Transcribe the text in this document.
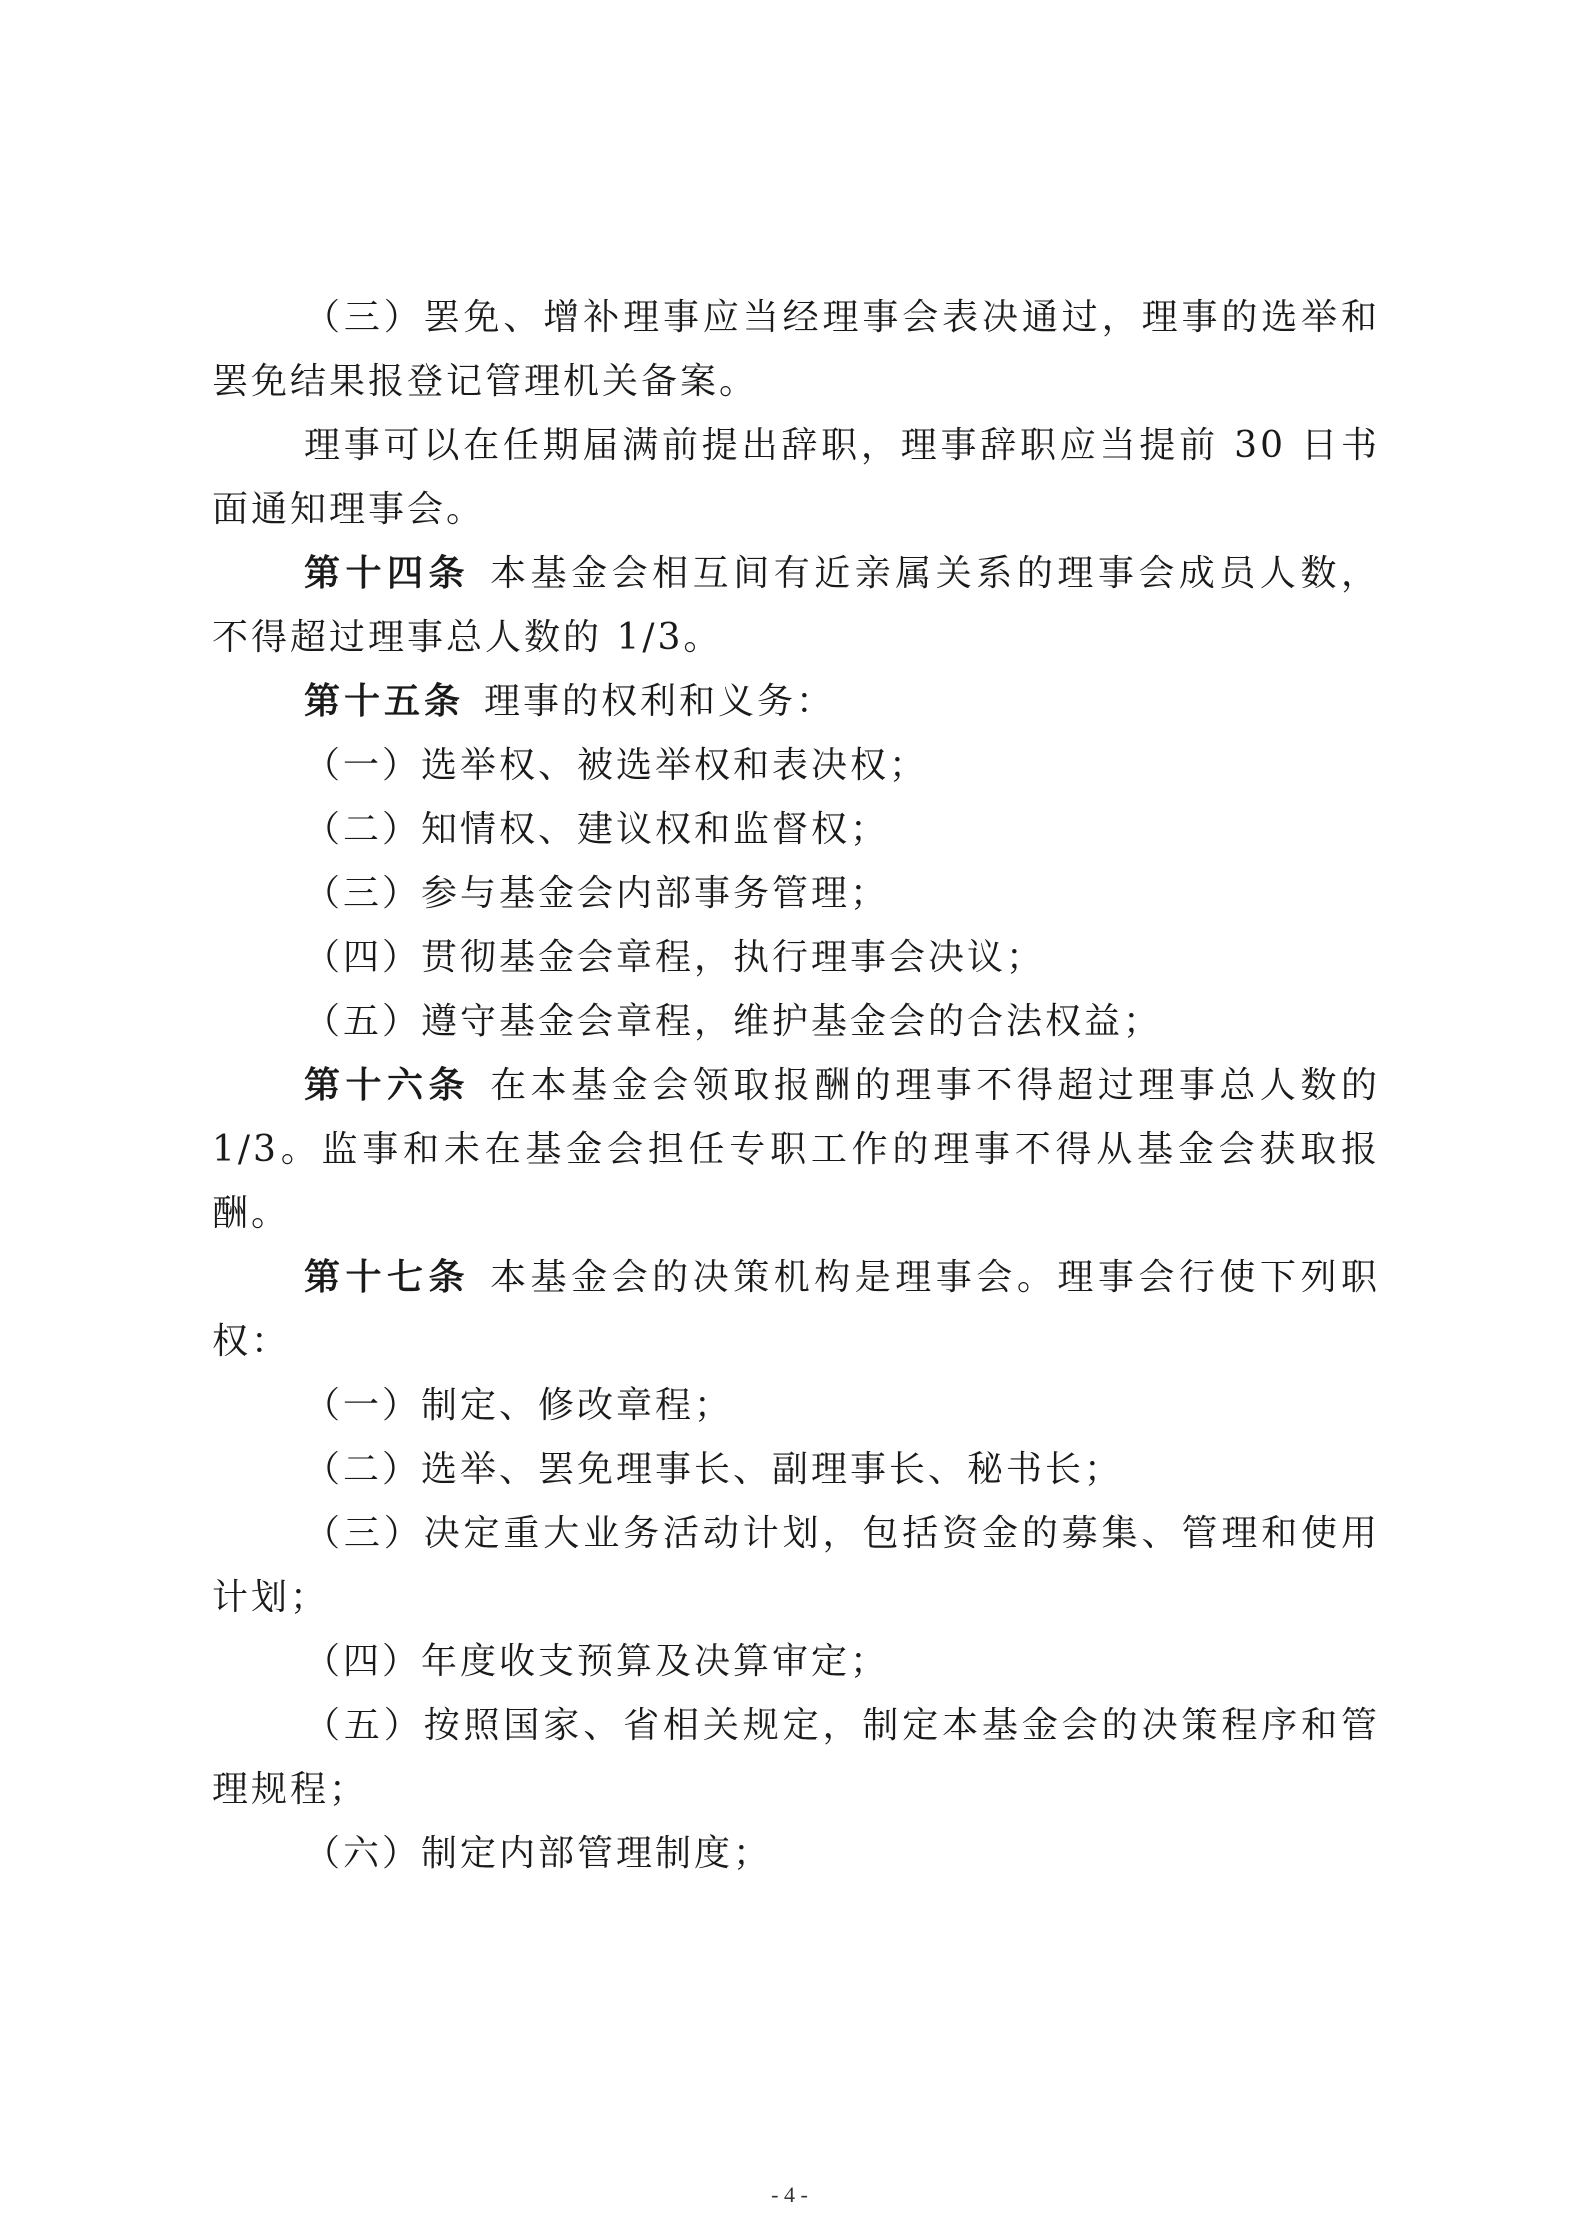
（三）罢免、增补理事应当经理事会表决通过，理事的选举和罢免结果报登记管理机关备案。

理事可以在任期届满前提出辞职，理事辞职应当提前 30 日书面通知理事会。

第十四条 本基金会相互间有近亲属关系的理事会成员人数，不得超过理事总人数的 1/3。

第十五条 理事的权利和义务：

（一）选举权、被选举权和表决权；

（二）知情权、建议权和监督权；

（三）参与基金会内部事务管理；

（四）贯彻基金会章程，执行理事会决议；

（五）遵守基金会章程，维护基金会的合法权益；

第十六条 在本基金会领取报酬的理事不得超过理事总人数的 1/3。监事和未在基金会担任专职工作的理事不得从基金会获取报酬。

第十七条 本基金会的决策机构是理事会。理事会行使下列职权：

（一）制定、修改章程；

（二）选举、罢免理事长、副理事长、秘书长；

（三）决定重大业务活动计划，包括资金的募集、管理和使用计划；

（四）年度收支预算及决算审定；

（五）按照国家、省相关规定，制定本基金会的决策程序和管理规程；

（六）制定内部管理制度；

- 4 -
